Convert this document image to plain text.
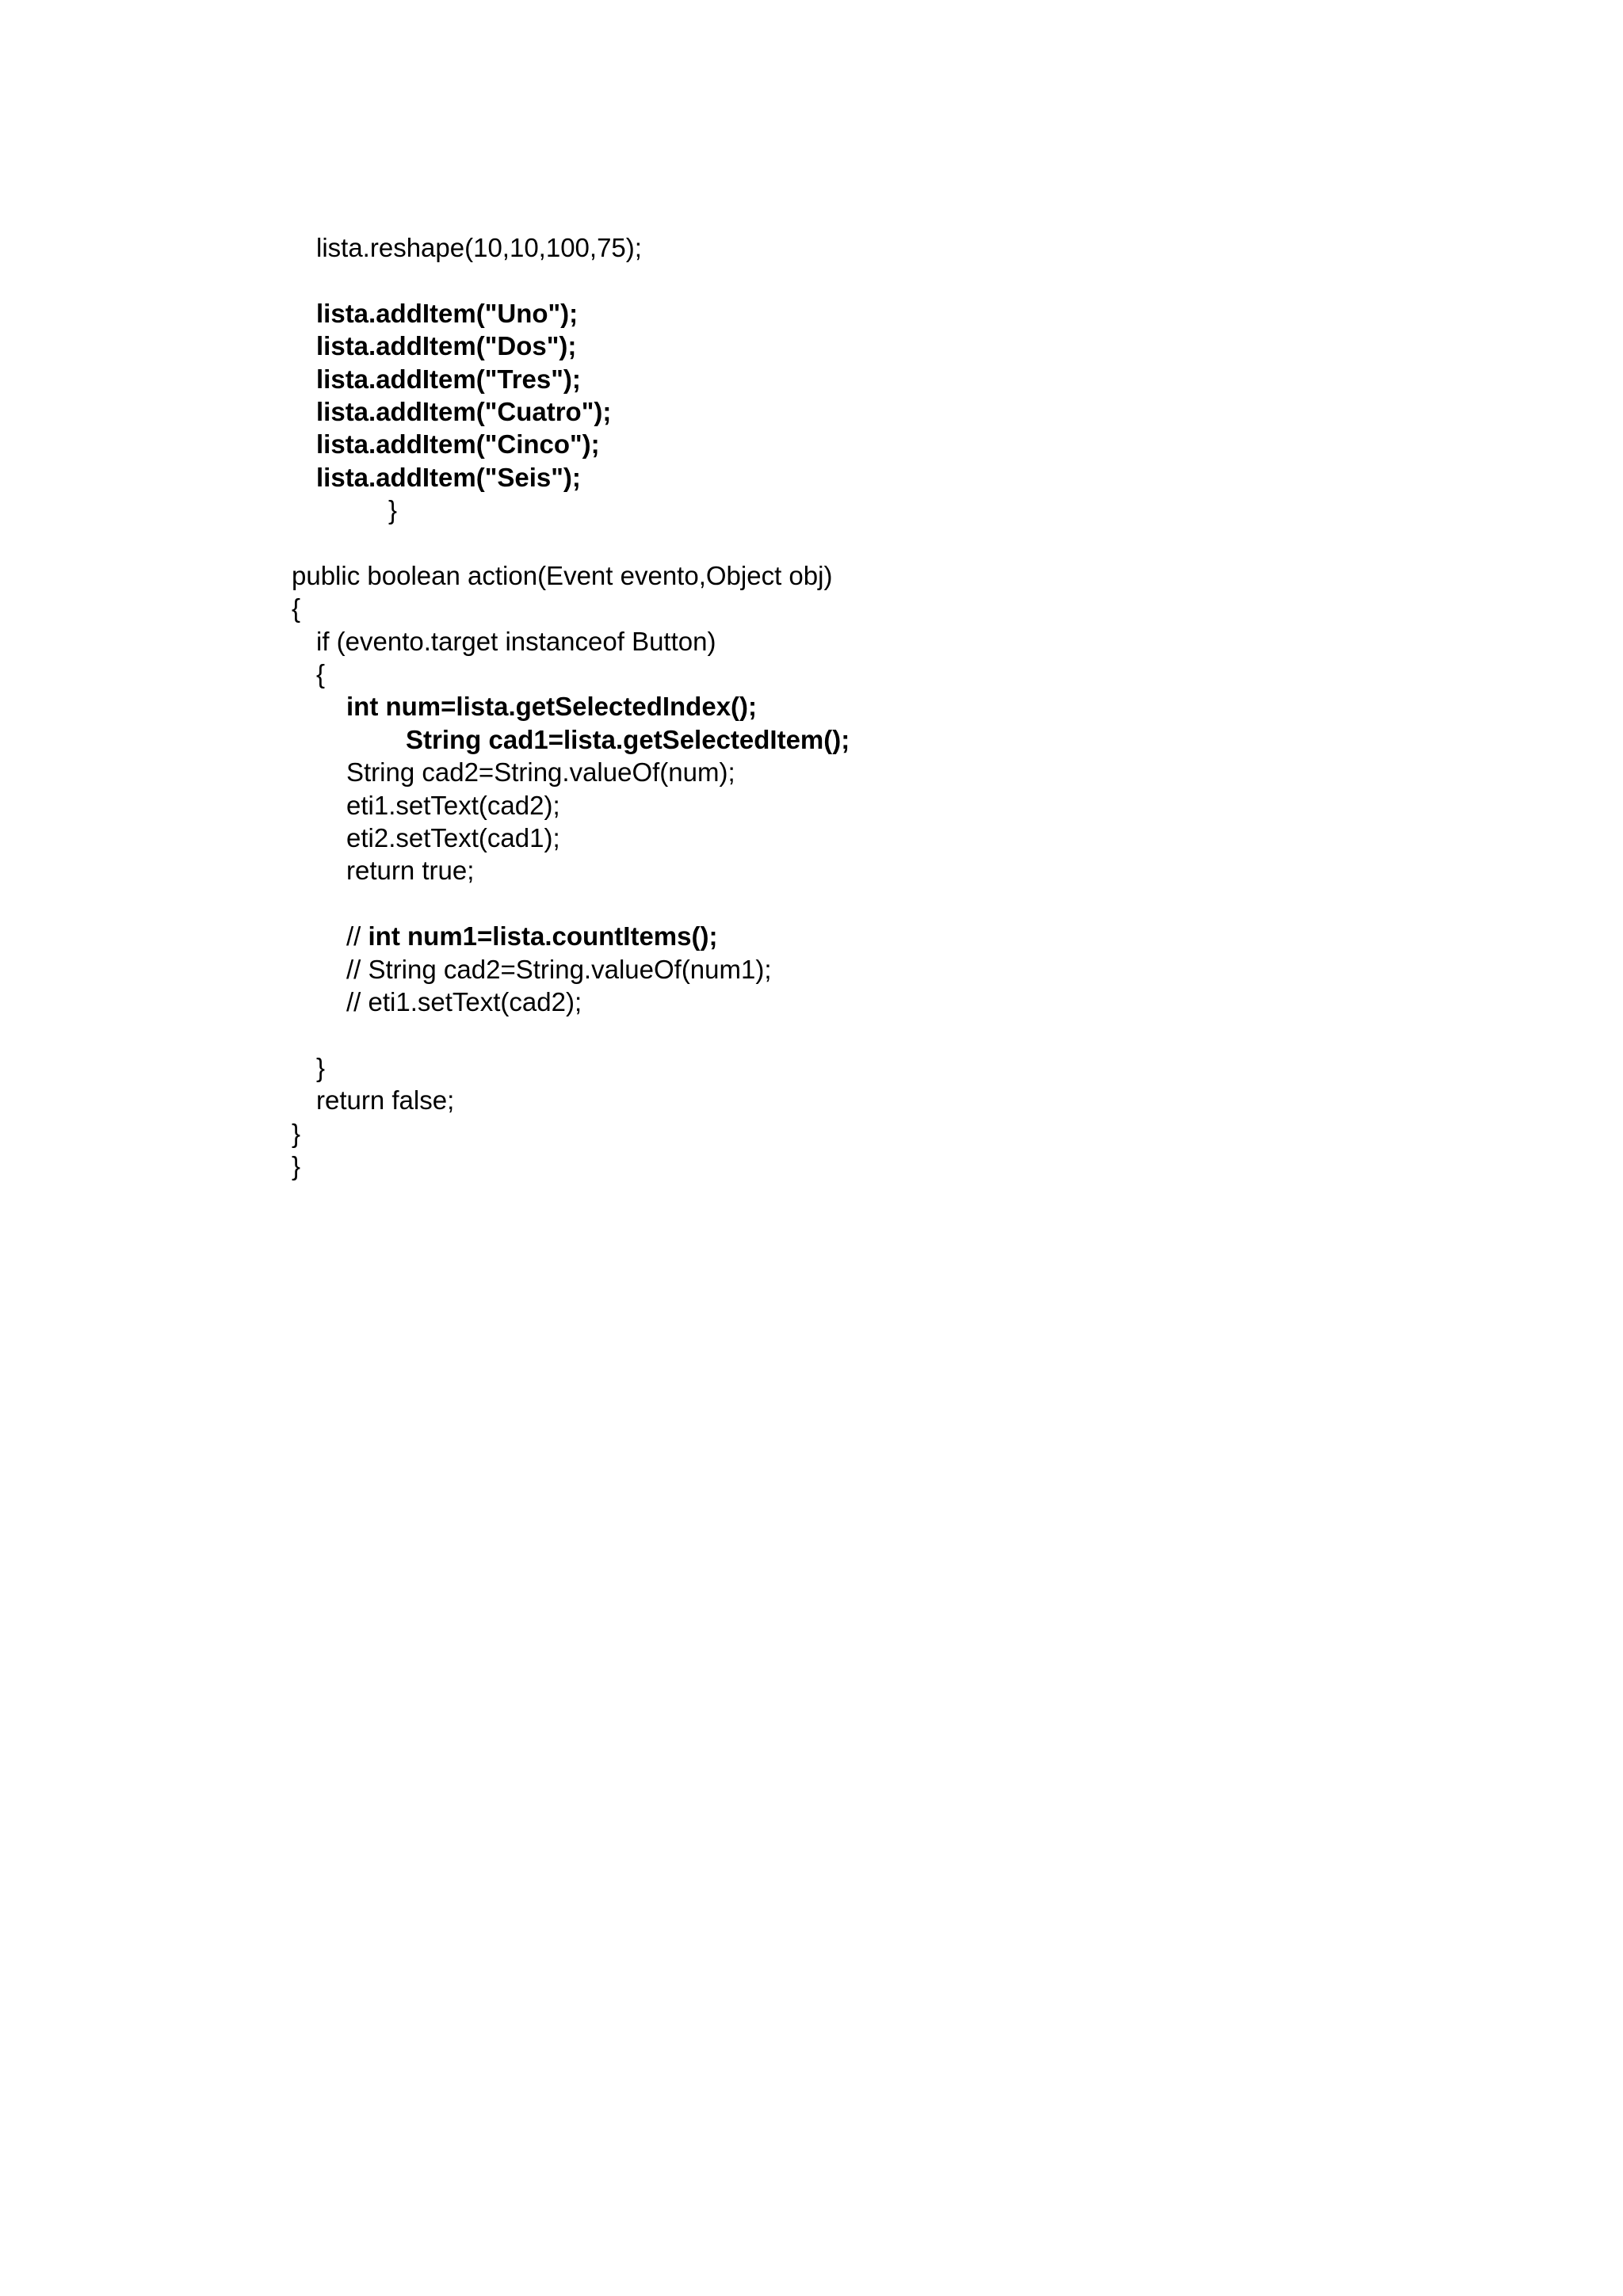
lista.reshape(10,10,100,75);
lista.addItem("Uno");
lista.addItem("Dos");
lista.addItem("Tres");
lista.addItem("Cuatro");
lista.addItem("Cinco");
lista.addItem("Seis");
}
public boolean action(Event evento,Object obj)
{
if (evento.target instanceof Button)
{
int num=lista.getSelectedIndex();
String cad1=lista.getSelectedItem();
String cad2=String.valueOf(num);
eti1.setText(cad2);
eti2.setText(cad1);
return true;
// int num1=lista.countItems();
// String cad2=String.valueOf(num1);
// eti1.setText(cad2);
}
return false;
}
}
